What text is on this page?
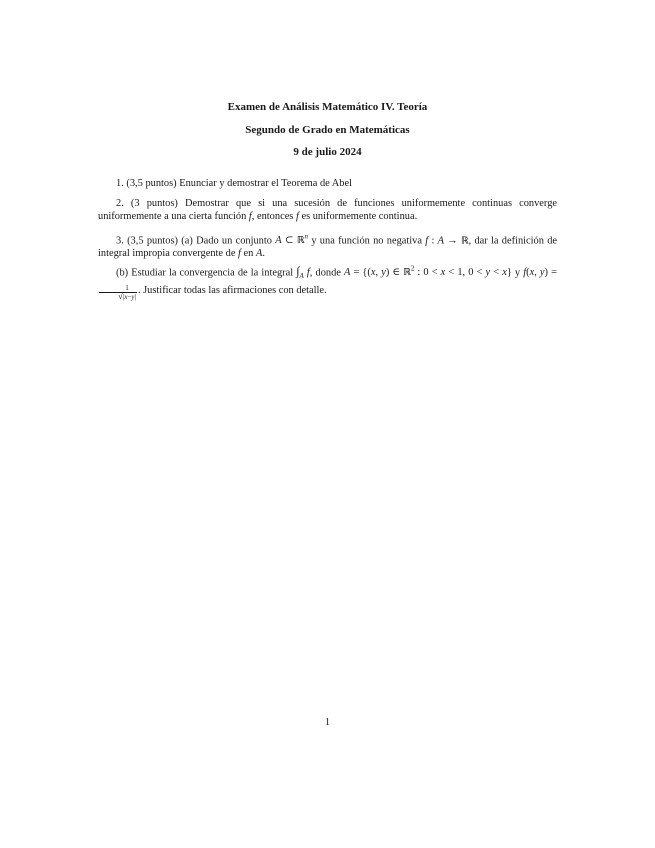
Examen de Análisis Matemático IV. Teoría
Segundo de Grado en Matemáticas
9 de julio 2024
1. (3,5 puntos) Enunciar y demostrar el Teorema de Abel
2. (3 puntos) Demostrar que si una sucesión de funciones uniformemente continuas converge uniformemente a una cierta función f, entonces f es uniformemente continua.
3. (3,5 puntos) (a) Dado un conjunto A ⊂ ℝ$^n$ y una función no negativa f : A → ℝ, dar la definición de integral impropia convergente de f en A.
(b) Estudiar la convergencia de la integral $\int_A$ f, donde A = {(x, y) ∈ ℝ$^2$ : 0 < x < 1, 0 < y < x} y f(x, y) =
$\frac{1}{√|x-y|}$ . Justificar todas las afirmaciones con detalle.
1
